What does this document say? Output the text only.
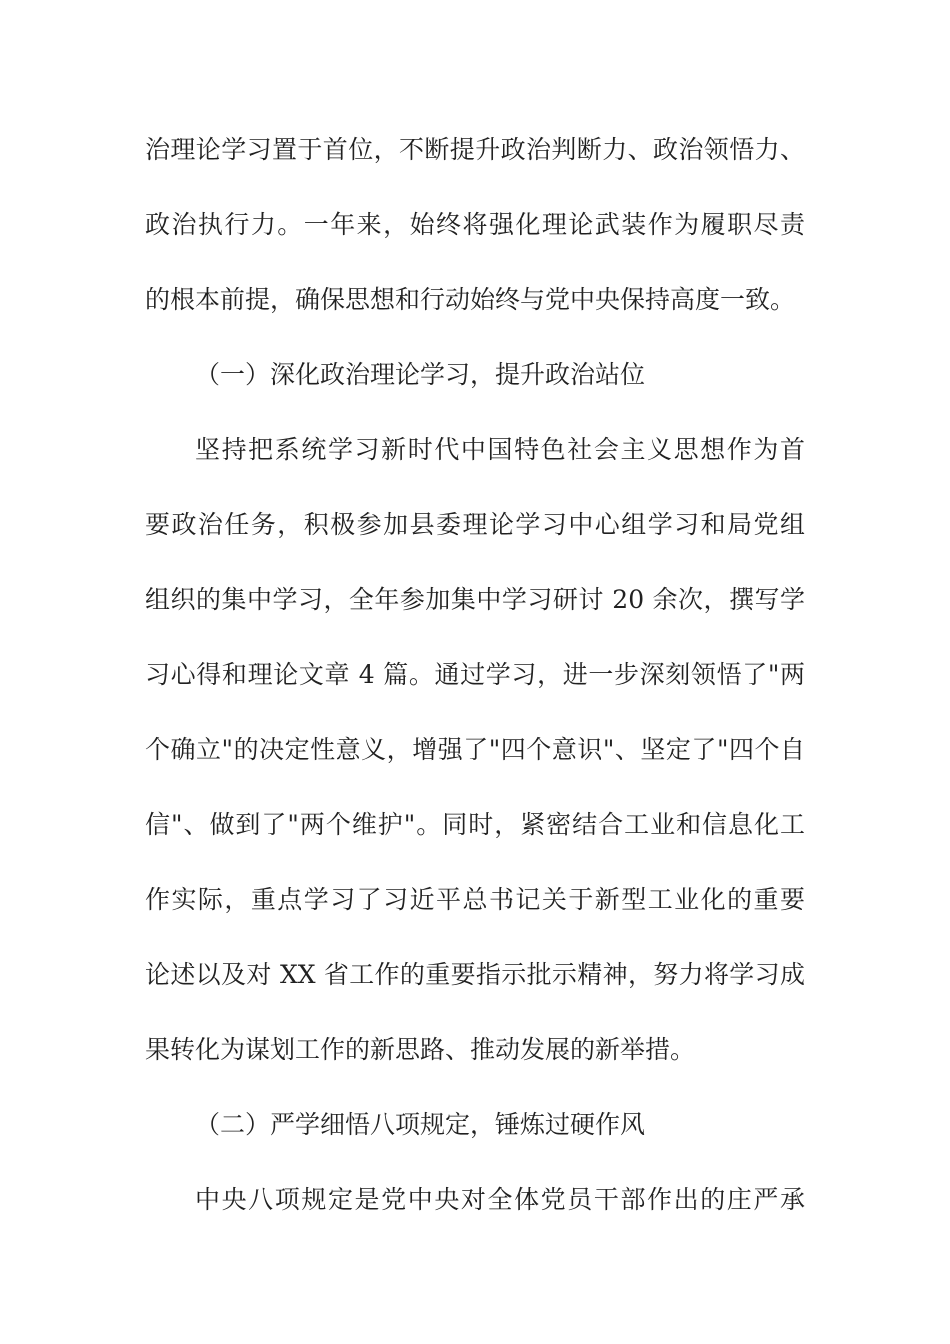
治理论学习置于首位，不断提升政治判断力、政治领悟力、
政治执行力。一年来，始终将强化理论武装作为履职尽责
的根本前提，确保思想和行动始终与党中央保持高度一致。
（一）深化政治理论学习，提升政治站位
坚持把系统学习新时代中国特色社会主义思想作为首
要政治任务，积极参加县委理论学习中心组学习和局党组
组织的集中学习，全年参加集中学习研讨 20 余次，撰写学
习心得和理论文章 4 篇。通过学习，进一步深刻领悟了"两
个确立"的决定性意义，增强了"四个意识"、坚定了"四个自
信"、做到了"两个维护"。同时，紧密结合工业和信息化工
作实际，重点学习了习近平总书记关于新型工业化的重要
论述以及对 XX 省工作的重要指示批示精神，努力将学习成
果转化为谋划工作的新思路、推动发展的新举措。
（二）严学细悟八项规定，锤炼过硬作风
中央八项规定是党中央对全体党员干部作出的庄严承
